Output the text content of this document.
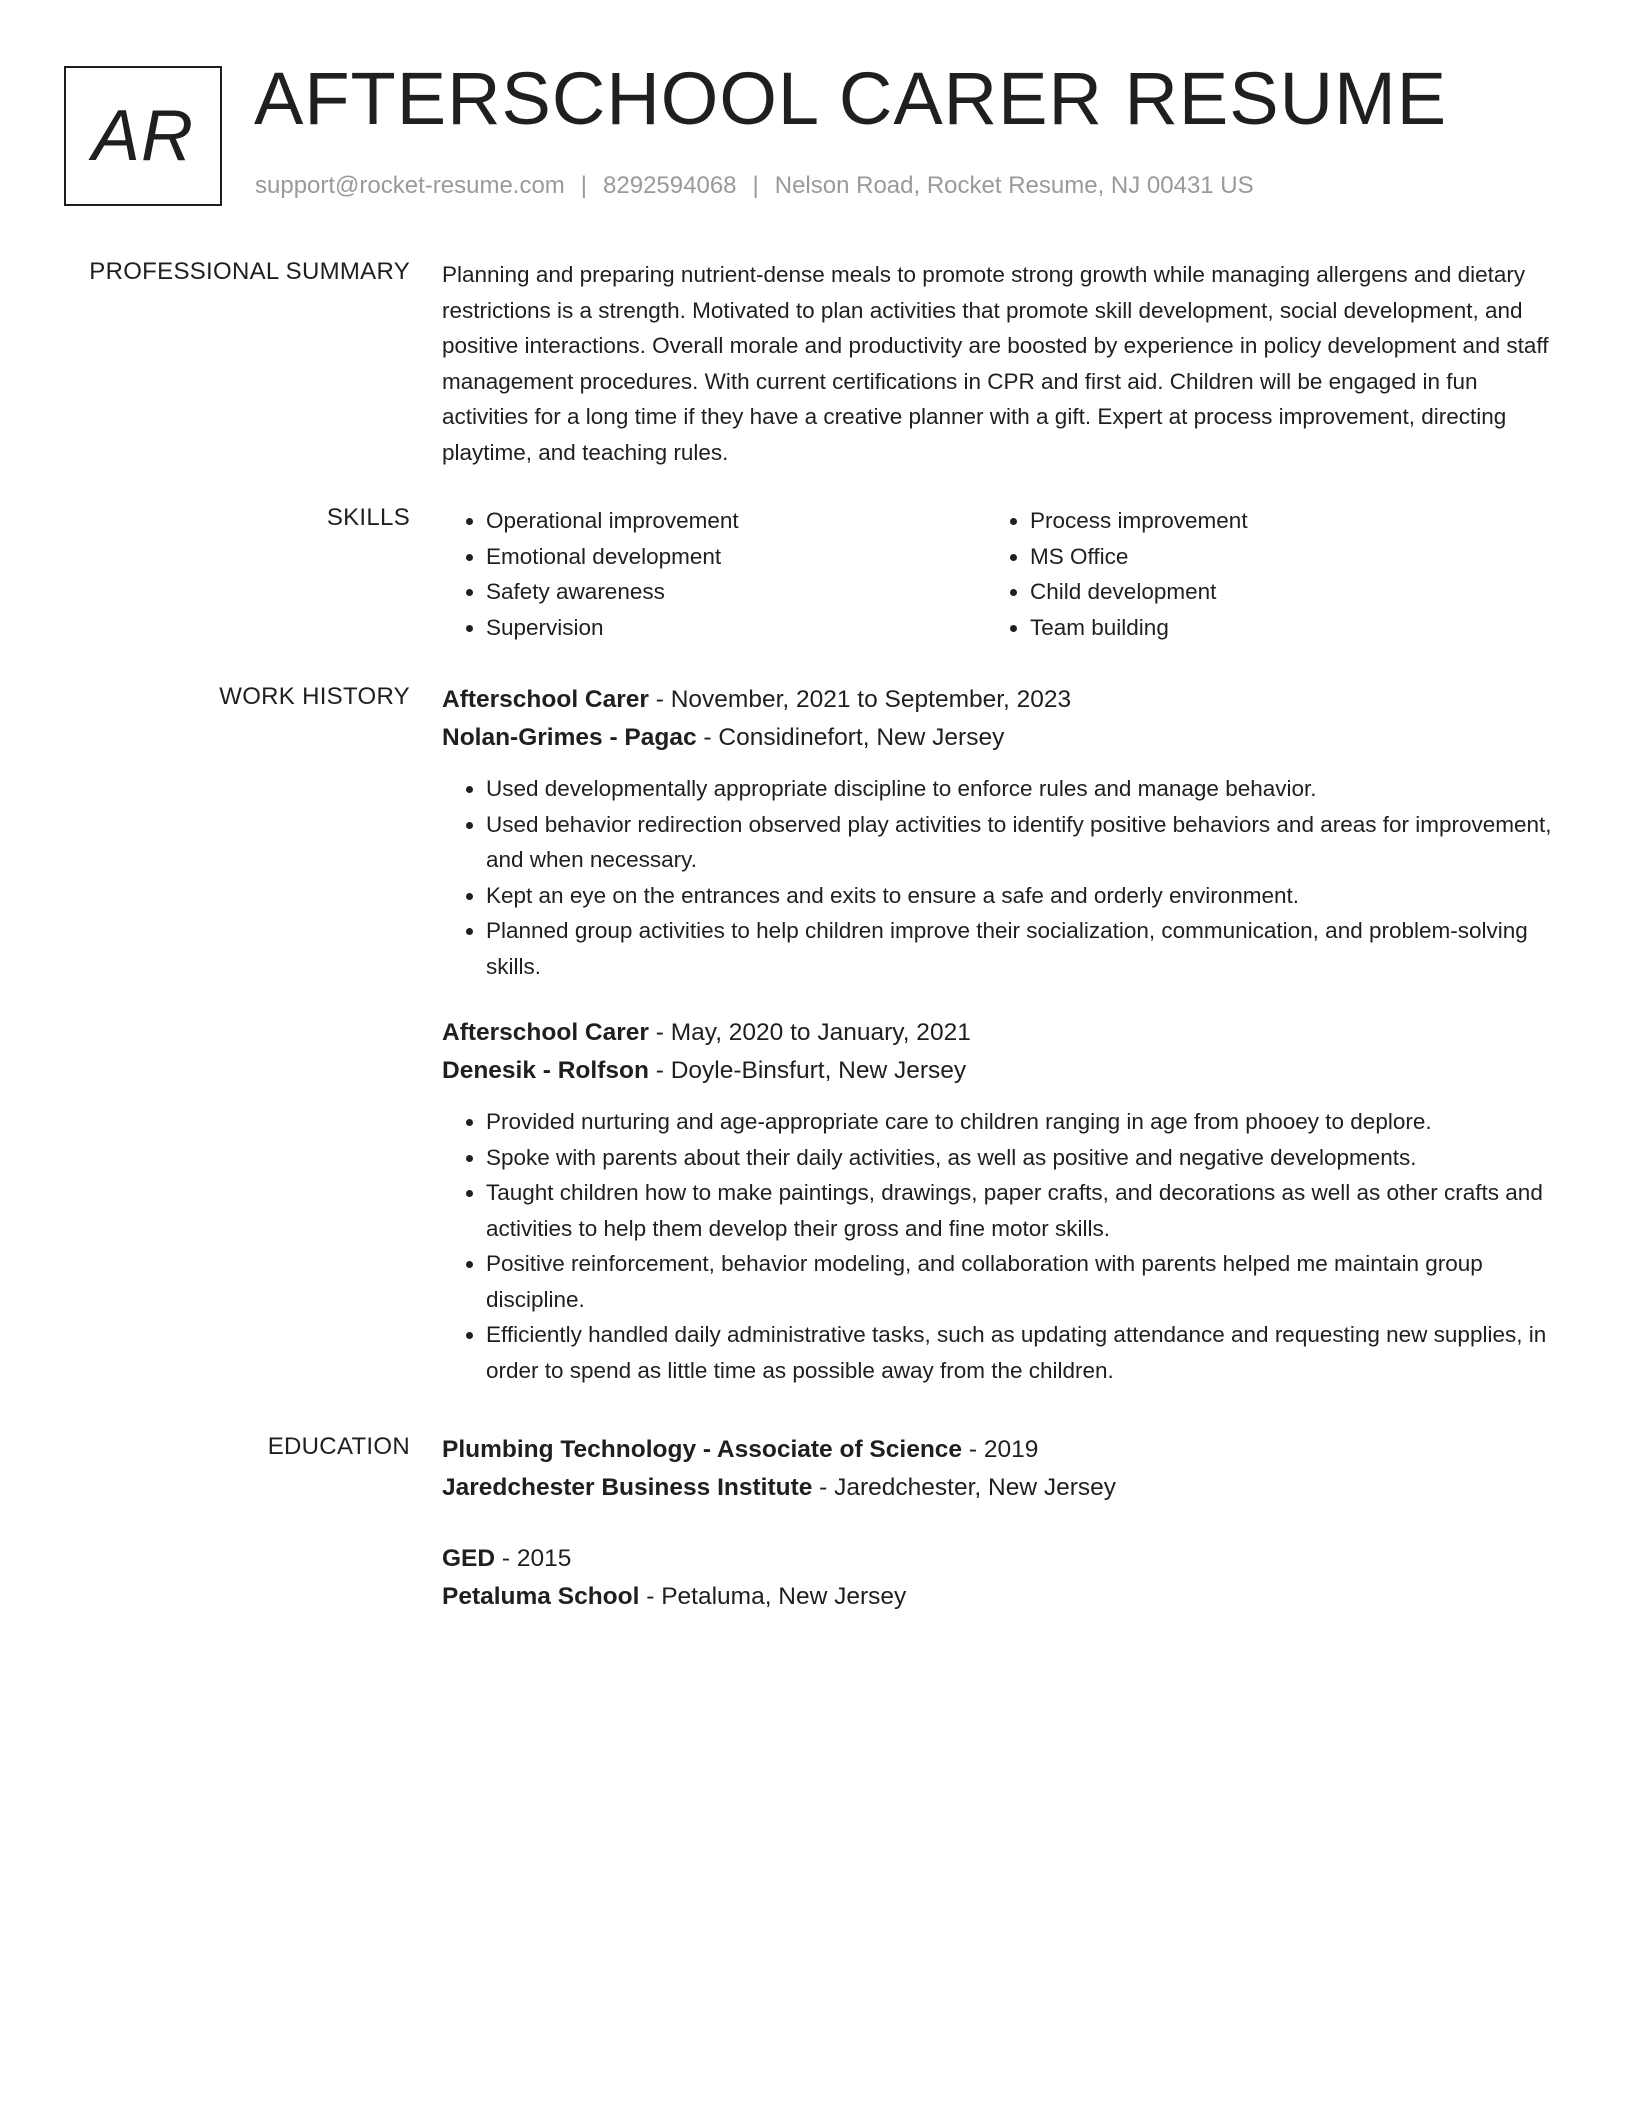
AR AFTERSCHOOL CARER RESUME
support@rocket-resume.com | 8292594068 | Nelson Road, Rocket Resume, NJ 00431 US
PROFESSIONAL SUMMARY Planning and preparing nutrient-dense meals to promote strong growth while managing allergens and dietary restrictions is a strength. Motivated to plan activities that promote skill development, social development, and positive interactions. Overall morale and productivity are boosted by experience in policy development and staff management procedures. With current certifications in CPR and first aid. Children will be engaged in fun activities for a long time if they have a creative planner with a gift. Expert at process improvement, directing playtime, and teaching rules.

SKILLS
•	Operational improvement
• Emotional development
• Safety awareness
• Supervision
• Process improvement
• MS Office
• Child development
• Team building
WORK HISTORY Afterschool Carer - November, 2021 to September, 2023
Nolan-Grimes - Pagac - Considinefort, New Jersey
• Used developmentally appropriate discipline to enforce rules and manage behavior.
• Used behavior redirection observed play activities to identify positive behaviors and areas for improvement, and when necessary.
• Kept an eye on the entrances and exits to ensure a safe and orderly environment.
• Planned group activities to help children improve their socialization, communication, and problem-solving skills.
Afterschool Carer - May, 2020 to January, 2021
Denesik - Rolfson - Doyle-Binsfurt, New Jersey
• Provided nurturing and age-appropriate care to children ranging in age from phooey to deplore.
• Spoke with parents about their daily activities, as well as positive and negative developments.
• Taught children how to make paintings, drawings, paper crafts, and decorations as well as other crafts and activities to help them develop their gross and fine motor skills.
• Positive reinforcement, behavior modeling, and collaboration with parents helped me maintain group discipline.
• Efficiently handled daily administrative tasks, such as updating attendance and requesting new supplies, in order to spend as little time as possible away from the children.
EDUCATION Plumbing Technology - Associate of Science - 2019
Jaredchester Business Institute - Jaredchester, New Jersey
GED - 2015
Petaluma School - Petaluma, New Jersey
